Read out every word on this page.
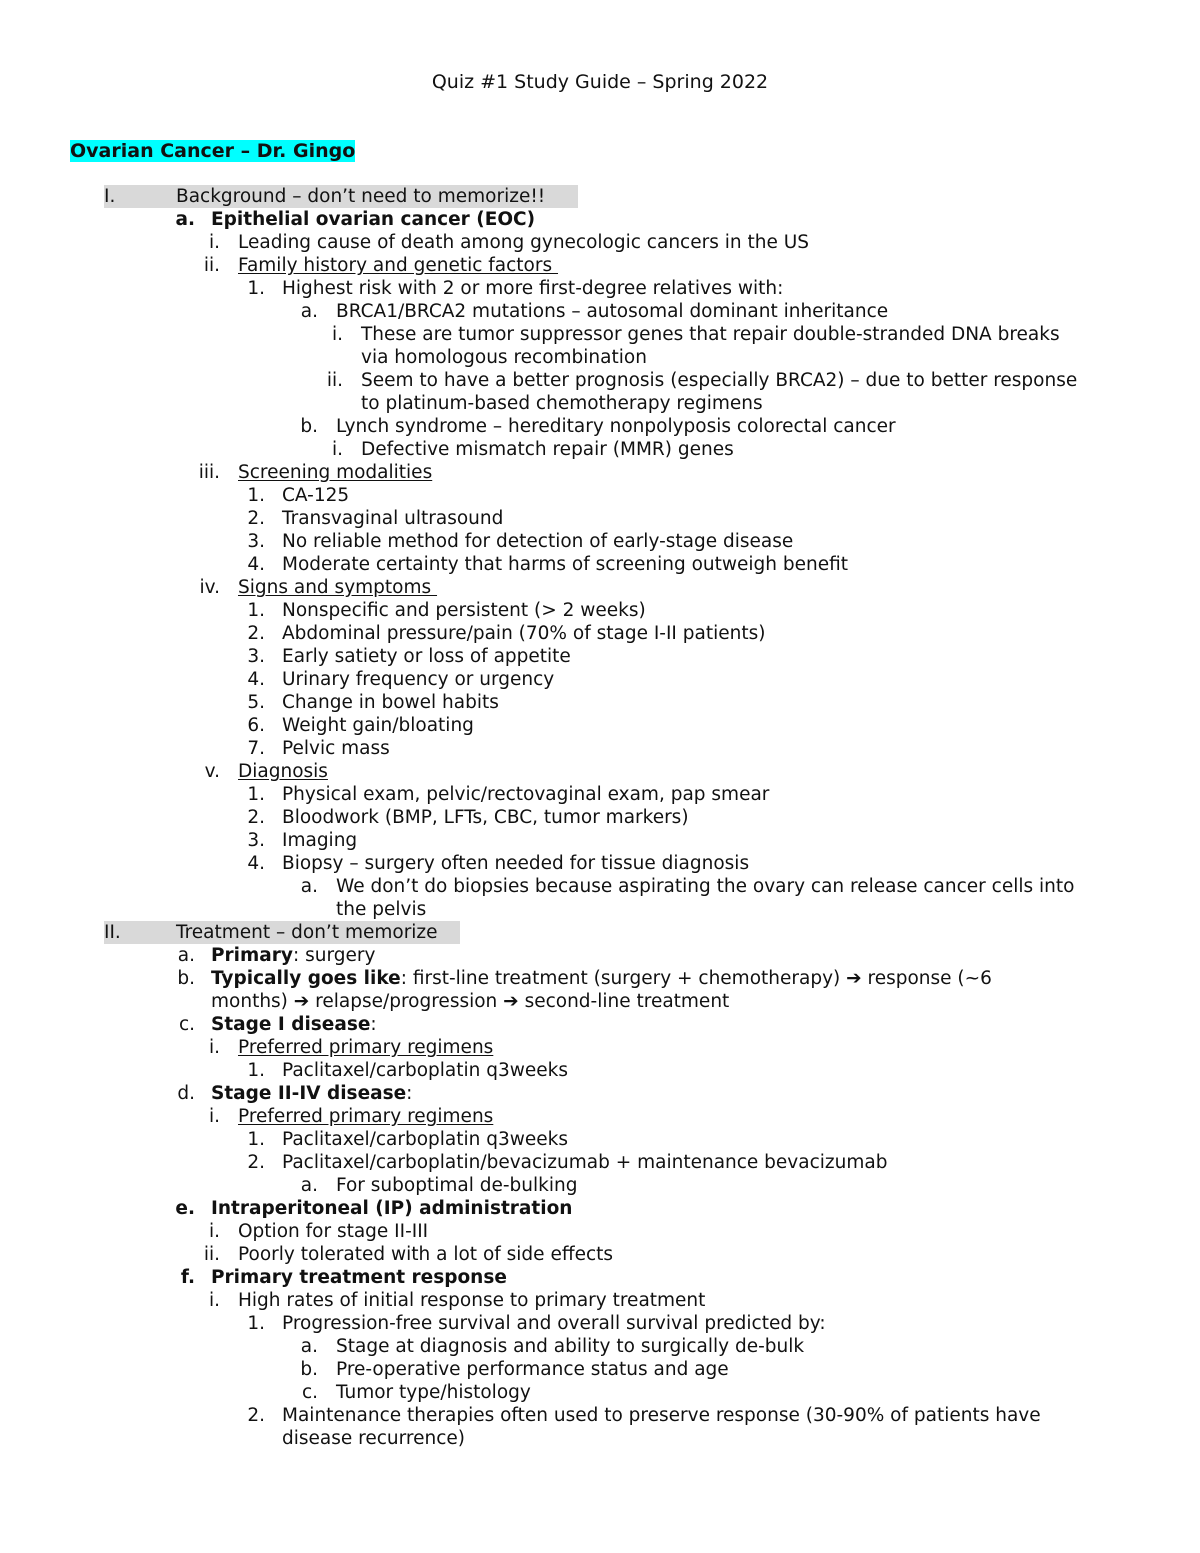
Quiz #1 Study Guide – Spring 2022
Ovarian Cancer – Dr. Gingo
I.	Background – don’t need to memorize!!
a. Epithelial ovarian cancer (EOC)
i. Leading cause of death among gynecologic cancers in the US
ii. Family history and genetic factors
1. Highest risk with 2 or more first-degree relatives with:
a. BRCA1/BRCA2 mutations – autosomal dominant inheritance
i. These are tumor suppressor genes that repair double-stranded DNA breaks
via homologous recombination
ii. Seem to have a better prognosis (especially BRCA2) – due to better response
to platinum-based chemotherapy regimens
b. Lynch syndrome – hereditary nonpolyposis colorectal cancer
i. Defective mismatch repair (MMR) genes
iii. Screening modalities
1. CA-125
2. Transvaginal ultrasound
3. No reliable method for detection of early-stage disease
4. Moderate certainty that harms of screening outweigh benefit
iv. Signs and symptoms
1. Nonspecific and persistent (> 2 weeks)
2. Abdominal pressure/pain (70% of stage I-II patients)
3. Early satiety or loss of appetite
4. Urinary frequency or urgency
5. Change in bowel habits
6. Weight gain/bloating
7. Pelvic mass
v. Diagnosis
1. Physical exam, pelvic/rectovaginal exam, pap smear
2. Bloodwork (BMP, LFTs, CBC, tumor markers)
3. Imaging
4. Biopsy – surgery often needed for tissue diagnosis
a. We don’t do biopsies because aspirating the ovary can release cancer cells into
the pelvis
II.	Treatment – don’t memorize
a. Primary: surgery
b. Typically goes like: first-line treatment (surgery + chemotherapy) ➔ response (~6
months) ➔ relapse/progression ➔ second-line treatment
c. Stage I disease:
i. Preferred primary regimens
1. Paclitaxel/carboplatin q3weeks
d. Stage II-IV disease:
i. Preferred primary regimens
1. Paclitaxel/carboplatin q3weeks
2. Paclitaxel/carboplatin/bevacizumab + maintenance bevacizumab
a. For suboptimal de-bulking
e. Intraperitoneal (IP) administration
i. Option for stage II-III
ii. Poorly tolerated with a lot of side effects
f. Primary treatment response
i. High rates of initial response to primary treatment
1. Progression-free survival and overall survival predicted by:
a. Stage at diagnosis and ability to surgically de-bulk
b. Pre-operative performance status and age
c. Tumor type/histology
2. Maintenance therapies often used to preserve response (30-90% of patients have
disease recurrence)
